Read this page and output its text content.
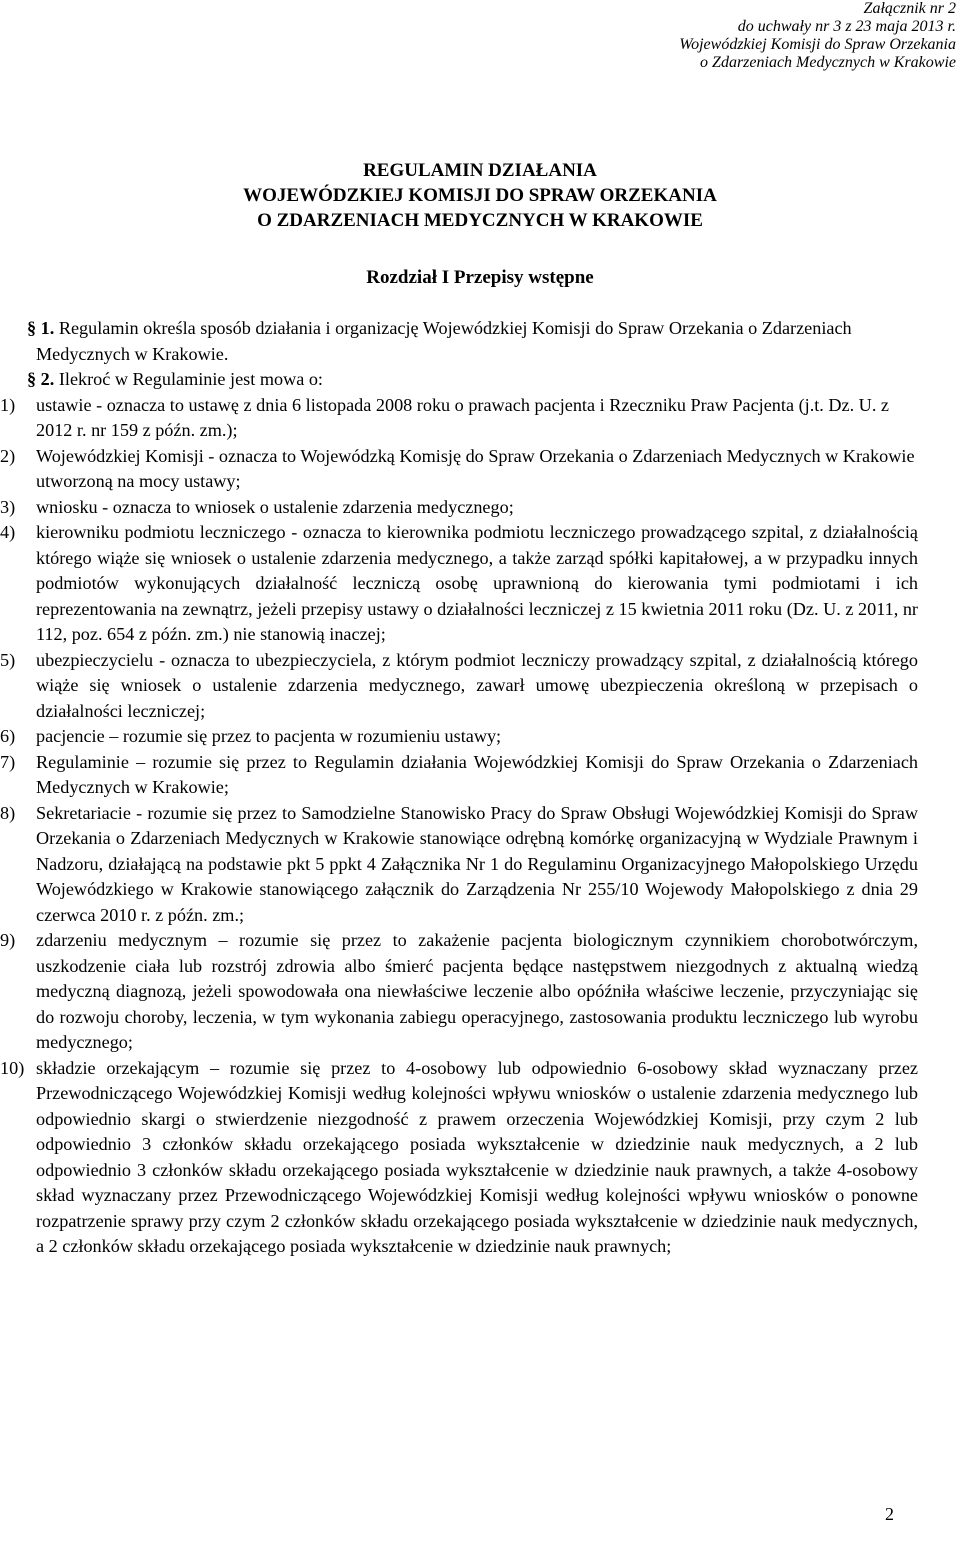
Załącznik nr 2
do uchwały nr 3 z 23 maja 2013 r.
Wojewódzkiej Komisji do Spraw Orzekania
o Zdarzeniach Medycznych w Krakowie
REGULAMIN DZIAŁANIA
WOJEWÓDZKIEJ KOMISJI DO SPRAW ORZEKANIA
O ZDARZENIACH MEDYCZNYCH W KRAKOWIE
Rozdział I Przepisy wstępne
§ 1. Regulamin określa sposób działania i organizację Wojewódzkiej Komisji do Spraw Orzekania o Zdarzeniach Medycznych w Krakowie.
§ 2. Ilekroć w Regulaminie jest mowa o:
1) ustawie - oznacza to ustawę z dnia 6 listopada 2008 roku o prawach pacjenta i Rzeczniku Praw Pacjenta (j.t. Dz. U. z 2012 r. nr 159 z późn. zm.);
2) Wojewódzkiej Komisji - oznacza to Wojewódzką Komisję do Spraw Orzekania o Zdarzeniach Medycznych w Krakowie utworzoną na mocy ustawy;
3) wniosku - oznacza to wniosek o ustalenie zdarzenia medycznego;
4)	kierowniku podmiotu leczniczego - oznacza to kierownika podmiotu leczniczego prowadzącego szpital, z działalnością którego wiąże się wniosek o ustalenie zdarzenia medycznego, a także zarząd spółki kapitałowej, a w przypadku innych podmiotów wykonujących działalność leczniczą osobę uprawnioną do kierowania tymi podmiotami i ich reprezentowania na zewnątrz, jeżeli przepisy ustawy o działalności leczniczej z 15 kwietnia 2011 roku (Dz. U. z 2011, nr 112, poz. 654 z późn. zm.) nie stanowią inaczej;
5)	ubezpieczycielu - oznacza to ubezpieczyciela, z którym podmiot leczniczy prowadzący szpital, z działalnością którego wiąże się wniosek o ustalenie zdarzenia medycznego, zawarł umowę ubezpieczenia określoną w przepisach o działalności leczniczej;
6)	pacjencie – rozumie się przez to pacjenta w rozumieniu ustawy;
7)	Regulaminie – rozumie się przez to Regulamin działania Wojewódzkiej Komisji do Spraw Orzekania o Zdarzeniach Medycznych w Krakowie;
8)	Sekretariacie - rozumie się przez to Samodzielne Stanowisko Pracy do Spraw Obsługi Wojewódzkiej Komisji do Spraw Orzekania o Zdarzeniach Medycznych w Krakowie stanowiące odrębną komórkę organizacyjną w Wydziale Prawnym i Nadzoru, działającą na podstawie pkt 5 ppkt 4 Załącznika Nr 1 do Regulaminu Organizacyjnego Małopolskiego Urzędu Wojewódzkiego w Krakowie stanowiącego załącznik do Zarządzenia Nr 255/10 Wojewody Małopolskiego z dnia 29 czerwca 2010 r. z późn. zm.;
9)	zdarzeniu medycznym – rozumie się przez to zakażenie pacjenta biologicznym czynnikiem chorobotwórczym, uszkodzenie ciała lub rozstrój zdrowia albo śmierć pacjenta będące następstwem niezgodnych z aktualną wiedzą medyczną diagnozą, jeżeli spowodowała ona niewłaściwe leczenie albo opóźniła właściwe leczenie, przyczyniając się do rozwoju choroby, leczenia, w tym wykonania zabiegu operacyjnego, zastosowania produktu leczniczego lub wyrobu medycznego;
10) składzie orzekającym – rozumie się przez to 4-osobowy lub odpowiednio 6-osobowy skład wyznaczany przez Przewodniczącego Wojewódzkiej Komisji według kolejności wpływu wniosków o ustalenie zdarzenia medycznego lub odpowiednio skargi o stwierdzenie niezgodność z prawem orzeczenia Wojewódzkiej Komisji, przy czym 2 lub odpowiednio 3 członków składu orzekającego posiada wykształcenie w dziedzinie nauk medycznych, a 2 lub odpowiednio 3 członków składu orzekającego posiada wykształcenie w dziedzinie nauk prawnych, a także 4-osobowy skład wyznaczany przez Przewodniczącego Wojewódzkiej Komisji według kolejności wpływu wniosków o ponowne rozpatrzenie sprawy przy czym 2 członków składu orzekającego posiada wykształcenie w dziedzinie nauk medycznych, a 2 członków składu orzekającego posiada wykształcenie w dziedzinie nauk prawnych;
2
